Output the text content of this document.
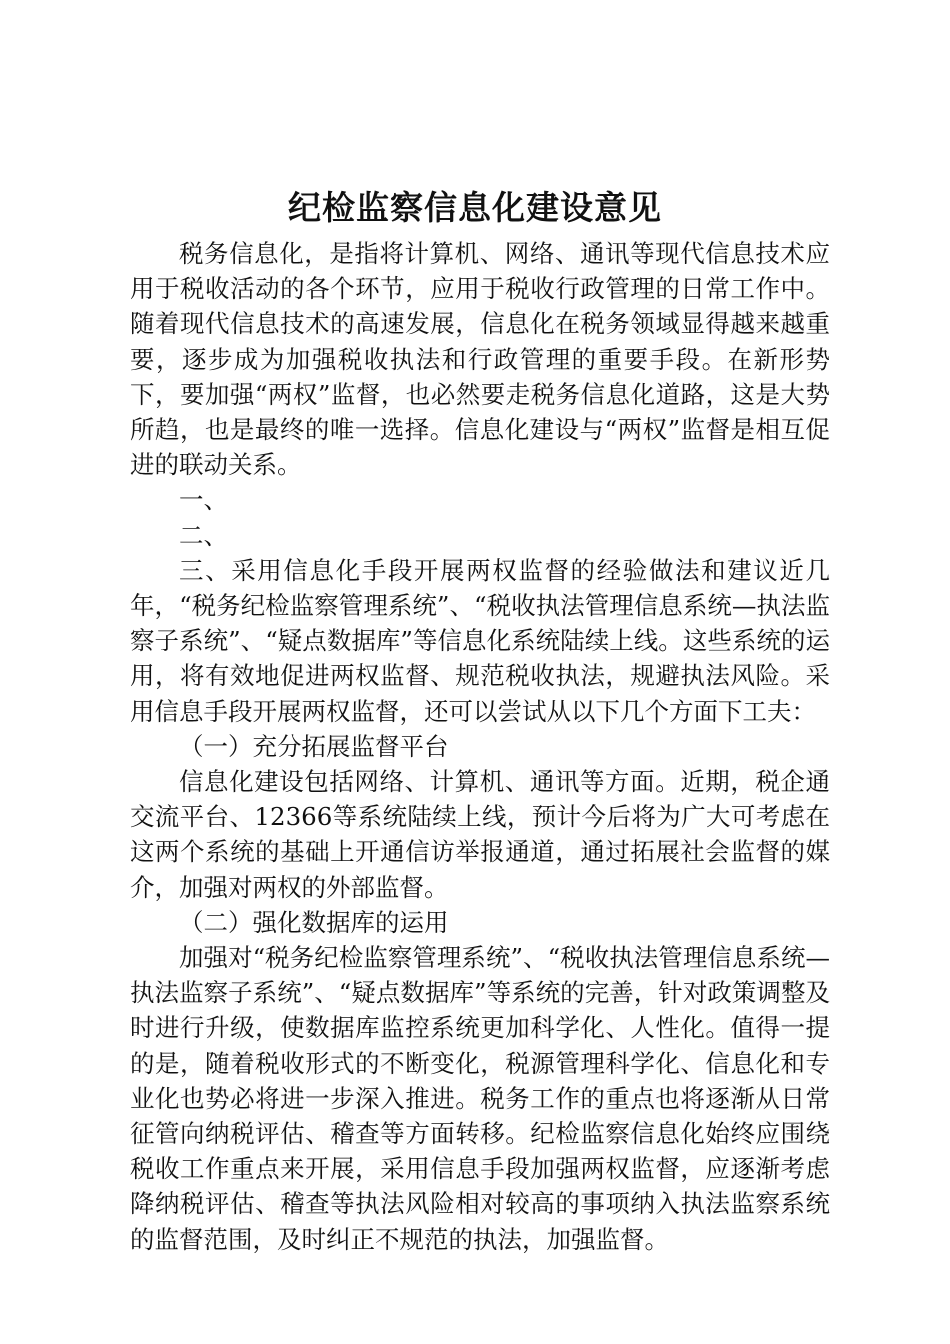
纪检监察信息化建设意见

税务信息化，是指将计算机、网络、通讯等现代信息技术应用于税收活动的各个环节，应用于税收行政管理的日常工作中。随着现代信息技术的高速发展，信息化在税务领域显得越来越重要，逐步成为加强税收执法和行政管理的重要手段。在新形势下，要加强“两权”监督，也必然要走税务信息化道路，这是大势所趋，也是最终的唯一选择。信息化建设与“两权”监督是相互促进的联动关系。

一、

二、

三、采用信息化手段开展两权监督的经验做法和建议近几年，“税务纪检监察管理系统”、“税收执法管理信息系统—执法监察子系统”、“疑点数据库”等信息化系统陆续上线。这些系统的运用，将有效地促进两权监督、规范税收执法，规避执法风险。采用信息手段开展两权监督，还可以尝试从以下几个方面下工夫：

（一）充分拓展监督平台

信息化建设包括网络、计算机、通讯等方面。近期，税企通交流平台、12366等系统陆续上线，预计今后将为广大可考虑在这两个系统的基础上开通信访举报通道，通过拓展社会监督的媒介，加强对两权的外部监督。

（二）强化数据库的运用

加强对“税务纪检监察管理系统”、“税收执法管理信息系统—执法监察子系统”、“疑点数据库”等系统的完善，针对政策调整及时进行升级，使数据库监控系统更加科学化、人性化。值得一提的是，随着税收形式的不断变化，税源管理科学化、信息化和专业化也势必将进一步深入推进。税务工作的重点也将逐渐从日常征管向纳税评估、稽查等方面转移。纪检监察信息化始终应围绕税收工作重点来开展，采用信息手段加强两权监督，应逐渐考虑降纳税评估、稽查等执法风险相对较高的事项纳入执法监察系统的监督范围，及时纠正不规范的执法，加强监督。
